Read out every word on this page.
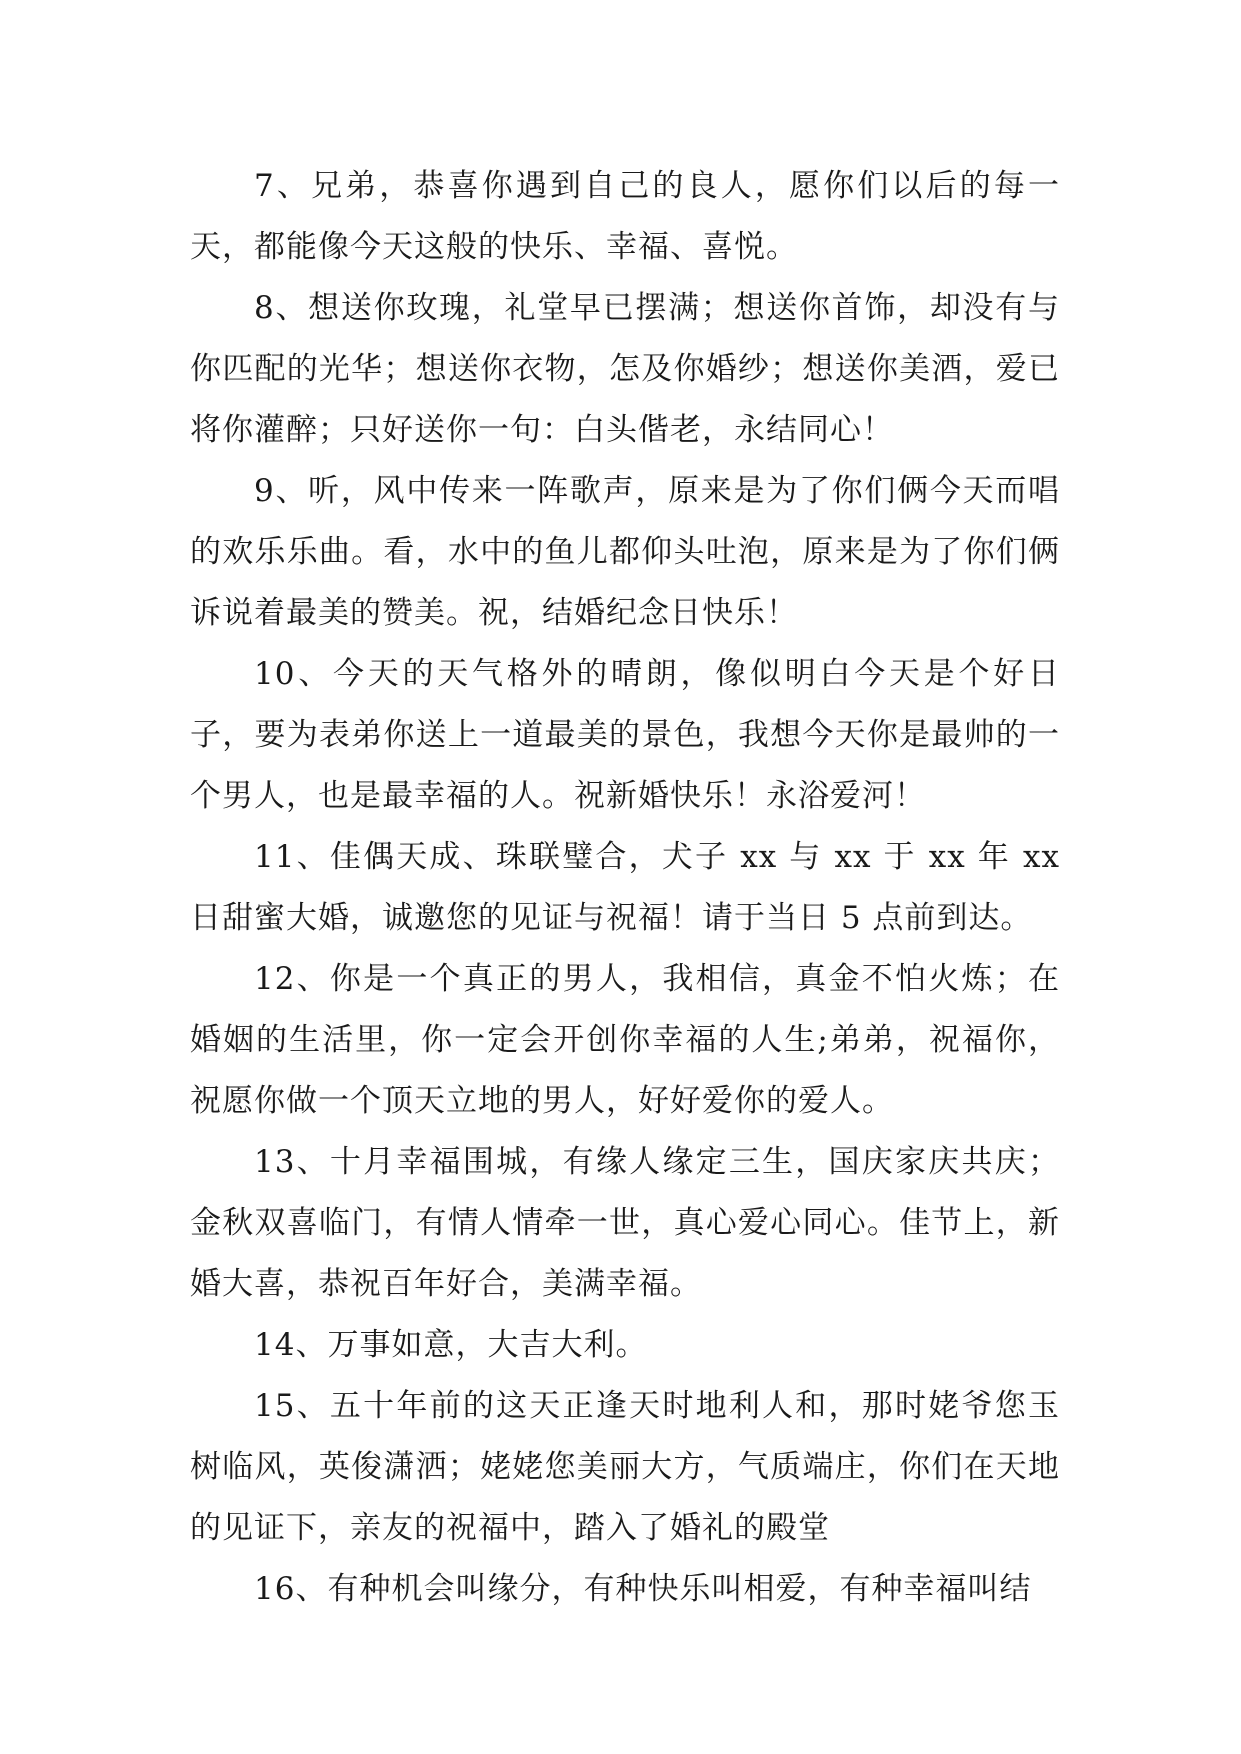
7、兄弟，恭喜你遇到自己的良人，愿你们以后的每一天，都能像今天这般的快乐、幸福、喜悦。

8、想送你玫瑰，礼堂早已摆满；想送你首饰，却没有与你匹配的光华；想送你衣物，怎及你婚纱；想送你美酒，爱已将你灌醉；只好送你一句：白头偕老，永结同心！

9、听，风中传来一阵歌声，原来是为了你们俩今天而唱的欢乐乐曲。看，水中的鱼儿都仰头吐泡，原来是为了你们俩诉说着最美的赞美。祝，结婚纪念日快乐！

10、今天的天气格外的晴朗，像似明白今天是个好日子，要为表弟你送上一道最美的景色，我想今天你是最帅的一个男人，也是最幸福的人。祝新婚快乐！永浴爱河！

11、佳偶天成、珠联璧合，犬子 xx 与 xx 于 xx 年 xx 日甜蜜大婚，诚邀您的见证与祝福！请于当日 5 点前到达。

12、你是一个真正的男人，我相信，真金不怕火炼；在婚姻的生活里，你一定会开创你幸福的人生;弟弟，祝福你，祝愿你做一个顶天立地的男人，好好爱你的爱人。

13、十月幸福围城，有缘人缘定三生，国庆家庆共庆；金秋双喜临门，有情人情牵一世，真心爱心同心。佳节上，新婚大喜，恭祝百年好合，美满幸福。

14、万事如意，大吉大利。

15、五十年前的这天正逢天时地利人和，那时姥爷您玉树临风，英俊潇洒；姥姥您美丽大方，气质端庄，你们在天地的见证下，亲友的祝福中，踏入了婚礼的殿堂

16、有种机会叫缘分，有种快乐叫相爱，有种幸福叫结
